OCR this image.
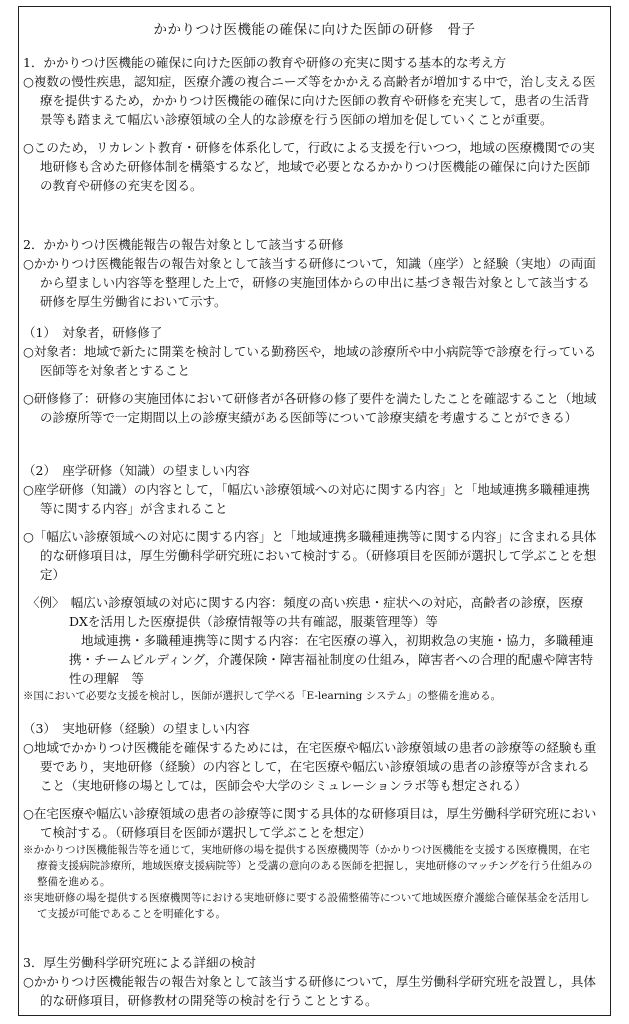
かかりつけ医機能の確保に向けた医師の研修　骨子

1．かかりつけ医機能の確保に向けた医師の教育や研修の充実に関する基本的な考え方

○複数の慢性疾患，認知症，医療介護の複合ニーズ等をかかえる高齢者が増加する中で，治し支える医療を提供するため，かかりつけ医機能の確保に向けた医師の教育や研修を充実して，患者の生活背景等も踏まえて幅広い診療領域の全人的な診療を行う医師の増加を促していくことが重要。

○このため，リカレント教育・研修を体系化して，行政による支援を行いつつ，地域の医療機関での実地研修も含めた研修体制を構築するなど，地域で必要となるかかりつけ医機能の確保に向けた医師の教育や研修の充実を図る。

2．かかりつけ医機能報告の報告対象として該当する研修

○かかりつけ医機能報告の報告対象として該当する研修について，知識（座学）と経験（実地）の両面から望ましい内容等を整理した上で，研修の実施団体からの申出に基づき報告対象として該当する研修を厚生労働省において示す。

（1）　対象者，研修修了

○対象者：地域で新たに開業を検討している勤務医や，地域の診療所や中小病院等で診療を行っている医師等を対象者とすること

○研修修了：研修の実施団体において研修者が各研修の修了要件を満たしたことを確認すること（地域の診療所等で一定期間以上の診療実績がある医師等について診療実績を考慮することができる）

（2）　座学研修（知識）の望ましい内容

○座学研修（知識）の内容として，「幅広い診療領域への対応に関する内容」と「地域連携多職種連携等に関する内容」が含まれること

○「幅広い診療領域への対応に関する内容」と「地域連携多職種連携等に関する内容」に含まれる具体的な研修項目は，厚生労働科学研究班において検討する。（研修項目を医師が選択して学ぶことを想定）

〈例〉　幅広い診療領域の対応に関する内容：頻度の高い疾患・症状への対応，高齢者の診療，医療DXを活用した医療提供（診療情報等の共有確認，服薬管理等）等

地域連携・多職種連携等に関する内容：在宅医療の導入，初期救急の実施・協力，多職種連携・チームビルディング，介護保険・障害福祉制度の仕組み，障害者への合理的配慮や障害特性の理解　等

※国において必要な支援を検討し，医師が選択して学べる「E-learning システム」の整備を進める。

（3）　実地研修（経験）の望ましい内容

○地域でかかりつけ医機能を確保するためには，在宅医療や幅広い診療領域の患者の診療等の経験も重要であり，実地研修（経験）の内容として，在宅医療や幅広い診療領域の患者の診療等が含まれること（実地研修の場としては，医師会や大学のシミュレーションラボ等も想定される）

○在宅医療や幅広い診療領域の患者の診療等に関する具体的な研修項目は，厚生労働科学研究班において検討する。（研修項目を医師が選択して学ぶことを想定）

※かかりつけ医機能報告等を通じて，実地研修の場を提供する医療機関等（かかりつけ医機能を支援する医療機関，在宅療養支援病院診療所，地域医療支援病院等）と受講の意向のある医師を把握し，実地研修のマッチングを行う仕組みの整備を進める。

※実地研修の場を提供する医療機関等における実地研修に要する設備整備等について地域医療介護総合確保基金を活用して支援が可能であることを明確化する。

3．厚生労働科学研究班による詳細の検討

○かかりつけ医機能報告の報告対象として該当する研修について，厚生労働科学研究班を設置し，具体的な研修項目，研修教材の開発等の検討を行うこととする。
